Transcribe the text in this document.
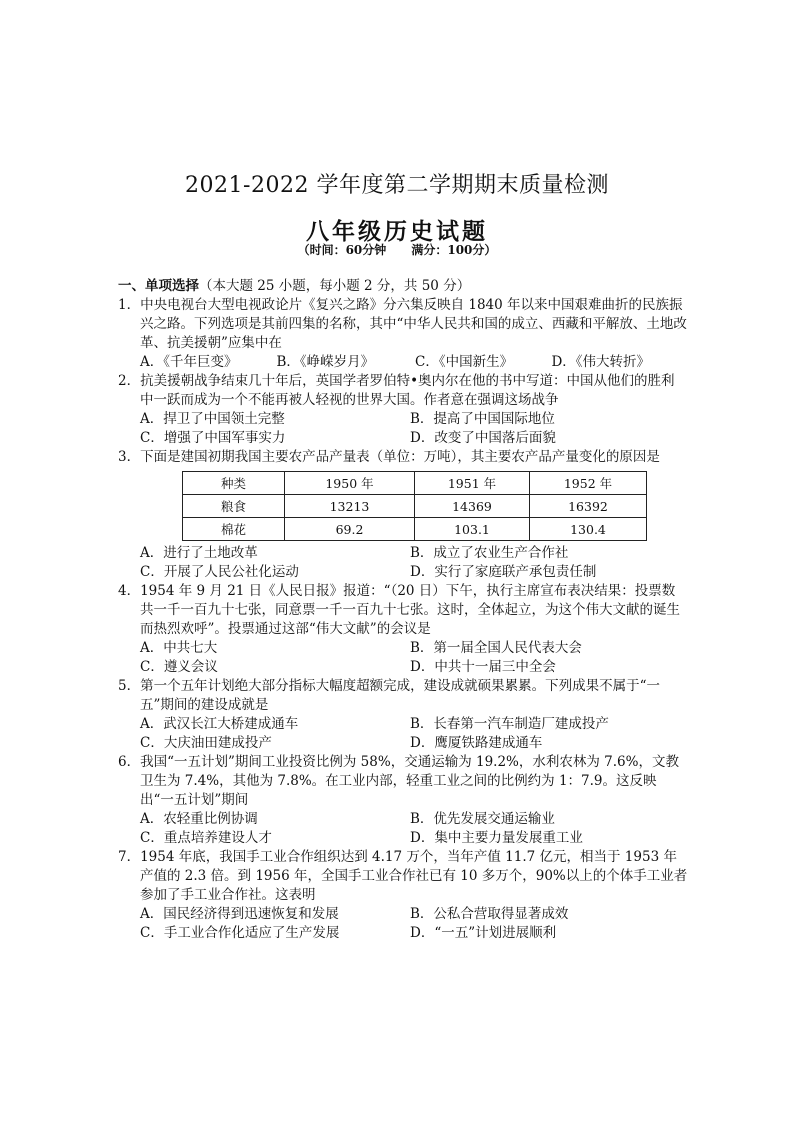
2021-2022 学年度第二学期期末质量检测
八年级历史试题
（时间：60分钟      满分：100分）

一、单项选择（本大题 25 小题，每小题 2 分，共 50 分）

1．中央电视台大型电视政论片《复兴之路》分六集反映自 1840 年以来中国艰难曲折的民族振兴之路。下列选项是其前四集的名称，其中“中华人民共和国的成立、西藏和平解放、土地改革、抗美援朝”应集中在

A．《千年巨变》	B．《峥嵘岁月》	C．《中国新生》	D．《伟大转折》

2．抗美援朝战争结束几十年后，英国学者罗伯特•奥内尔在他的书中写道：中国从他们的胜利中一跃而成为一个不能再被人轻视的世界大国。作者意在强调这场战争

A．捍卫了中国领土完整	B．提高了中国国际地位
C．增强了中国军事实力	D．改变了中国落后面貌

3．下面是建国初期我国主要农产品产量表（单位：万吨），其主要农产品产量变化的原因是

种类	1950 年	1951 年	1952 年
粮食	13213	14369	16392
棉花	69.2	103.1	130.4
A．进行了土地改革	B．成立了农业生产合作社
C．开展了人民公社化运动	D．实行了家庭联产承包责任制

4．1954 年 9 月 21 日《人民日报》报道：“（20 日）下午，执行主席宣布表决结果：投票数共一千一百九十七张，同意票一千一百九十七张。这时，全体起立，为这个伟大文献的诞生而热烈欢呼”。投票通过这部“伟大文献”的会议是

A．中共七大	B．第一届全国人民代表大会
C．遵义会议	D．中共十一届三中全会

5．第一个五年计划绝大部分指标大幅度超额完成，建设成就硕果累累。下列成果不属于“一五”期间的建设成就是

A．武汉长江大桥建成通车	B．长春第一汽车制造厂建成投产
C．大庆油田建成投产	D．鹰厦铁路建成通车

6．我国“一五计划”期间工业投资比例为 58%，交通运输为 19.2%，水利农林为 7.6%，文教卫生为 7.4%，其他为 7.8%。在工业内部，轻重工业之间的比例约为 1：7.9。这反映出“一五计划”期间

A．农轻重比例协调	B．优先发展交通运输业
C．重点培养建设人才	D．集中主要力量发展重工业

7．1954 年底，我国手工业合作组织达到 4.17 万个，当年产值 11.7 亿元，相当于 1953 年产值的 2.3 倍。到 1956 年，全国手工业合作社已有 10 多万个，90%以上的个体手工业者参加了手工业合作社。这表明

A．国民经济得到迅速恢复和发展	B．公私合营取得显著成效
C．手工业合作化适应了生产发展	D．“一五”计划进展顺利
